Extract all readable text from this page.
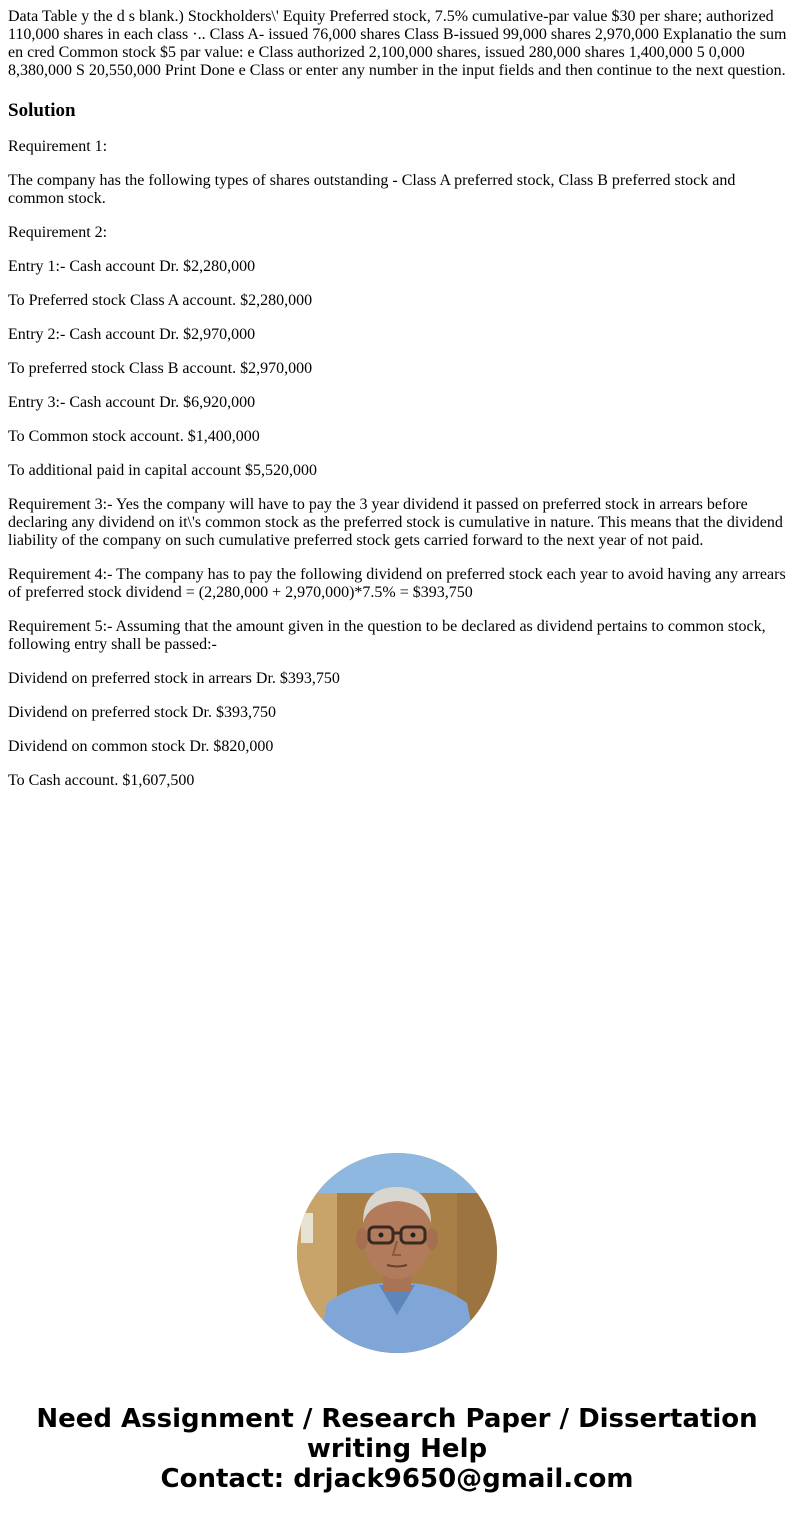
Data Table y the d s blank.) Stockholders\' Equity Preferred stock, 7.5% cumulative-par value $30 per share; authorized 110,000 shares in each class ·.. Class A- issued 76,000 shares Class B-issued 99,000 shares 2,970,000 Explanatio the sum en cred Common stock $5 par value: e Class authorized 2,100,000 shares, issued 280,000 shares 1,400,000 5 0,000 8,380,000 S 20,550,000 Print Done e Class or enter any number in the input fields and then continue to the next question.

Solution

Requirement 1:

The company has the following types of shares outstanding - Class A preferred stock, Class B preferred stock and common stock.

Requirement 2:

Entry 1:- Cash account Dr. $2,280,000

To Preferred stock Class A account. $2,280,000

Entry 2:- Cash account Dr. $2,970,000

To preferred stock Class B account. $2,970,000

Entry 3:- Cash account Dr. $6,920,000

To Common stock account. $1,400,000

To additional paid in capital account $5,520,000

Requirement 3:- Yes the company will have to pay the 3 year dividend it passed on preferred stock in arrears before declaring any dividend on it\'s common stock as the preferred stock is cumulative in nature. This means that the dividend liability of the company on such cumulative preferred stock gets carried forward to the next year of not paid.

Requirement 4:- The company has to pay the following dividend on preferred stock each year to avoid having any arrears of preferred stock dividend = (2,280,000 + 2,970,000)*7.5% = $393,750

Requirement 5:- Assuming that the amount given in the question to be declared as dividend pertains to common stock, following entry shall be passed:-

Dividend on preferred stock in arrears Dr. $393,750

Dividend on preferred stock Dr. $393,750

Dividend on common stock Dr. $820,000

To Cash account. $1,607,500

Need Assignment / Research Paper / Dissertation
writing Help
Contact: drjack9650@gmail.com
